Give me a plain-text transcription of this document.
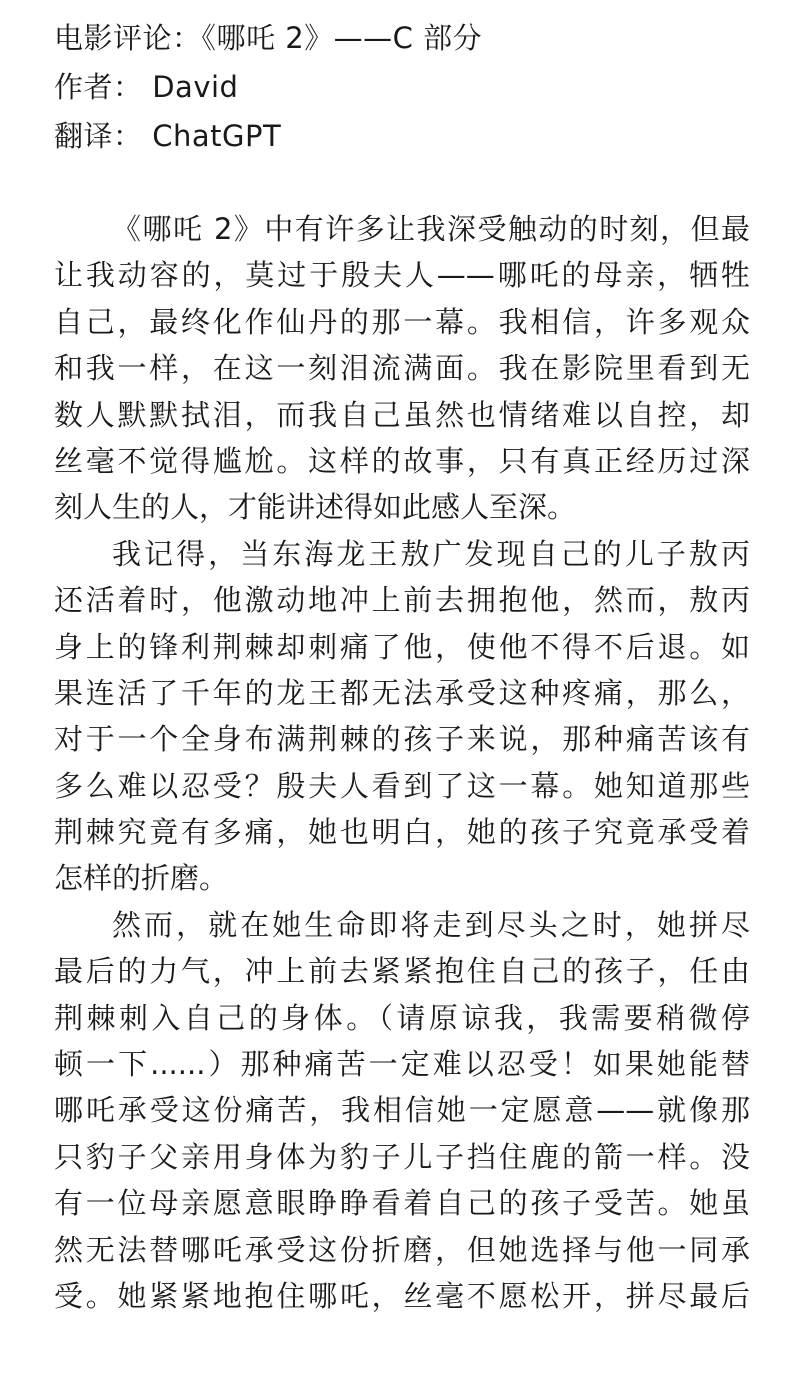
电影评论：《哪吒 2》——C 部分
作者： David
翻译： ChatGPT
《哪吒 2》中有许多让我深受触动的时刻，但最
让我动容的，莫过于殷夫人——哪吒的母亲，牺牲
自己，最终化作仙丹的那一幕。我相信，许多观众
和我一样，在这一刻泪流满面。我在影院里看到无
数人默默拭泪，而我自己虽然也情绪难以自控，却
丝毫不觉得尴尬。这样的故事，只有真正经历过深
刻人生的人，才能讲述得如此感人至深。
我记得，当东海龙王敖广发现自己的儿子敖丙
还活着时，他激动地冲上前去拥抱他，然而，敖丙
身上的锋利荆棘却刺痛了他，使他不得不后退。如
果连活了千年的龙王都无法承受这种疼痛，那么，
对于一个全身布满荆棘的孩子来说，那种痛苦该有
多么难以忍受？殷夫人看到了这一幕。她知道那些
荆棘究竟有多痛，她也明白，她的孩子究竟承受着
怎样的折磨。
然而，就在她生命即将走到尽头之时，她拼尽
最后的力气，冲上前去紧紧抱住自己的孩子，任由
荆棘刺入自己的身体。（请原谅我，我需要稍微停
顿一下......）那种痛苦一定难以忍受！如果她能替
哪吒承受这份痛苦，我相信她一定愿意——就像那
只豹子父亲用身体为豹子儿子挡住鹿的箭一样。没
有一位母亲愿意眼睁睁看着自己的孩子受苦。她虽
然无法替哪吒承受这份折磨，但她选择与他一同承
受。她紧紧地抱住哪吒，丝毫不愿松开，拼尽最后
